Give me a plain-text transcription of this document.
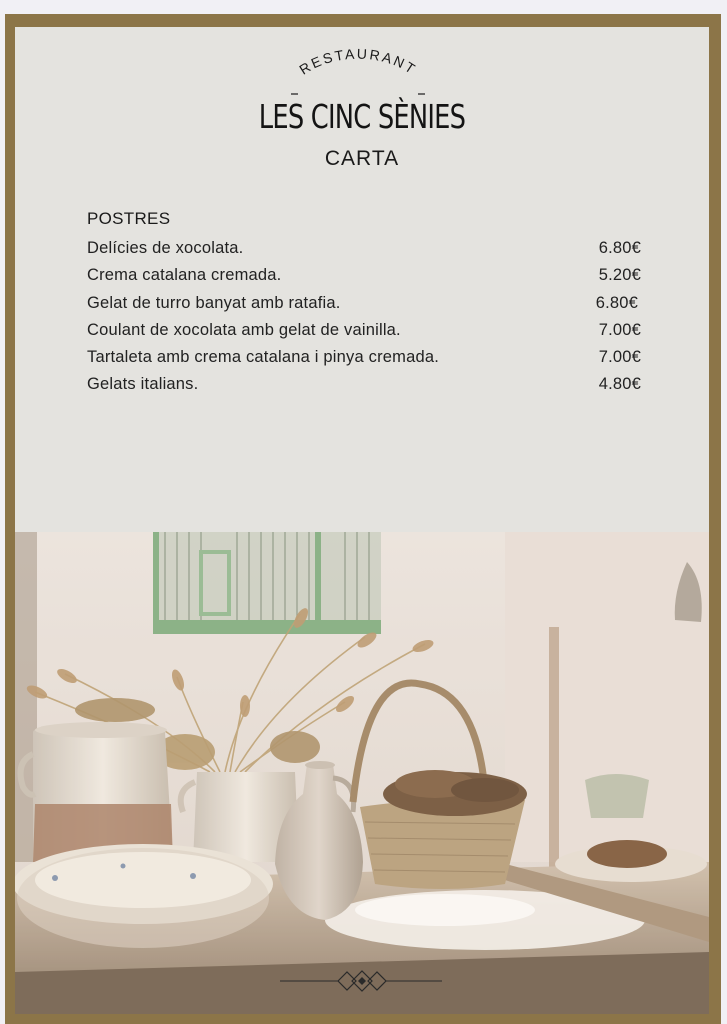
RESTAURANT
LES CINC SÈNIES
CARTA
POSTRES
Delícies de xocolata.	6.80€
Crema catalana cremada.	5.20€
Gelat de turro banyat amb ratafia.	6.80€
Coulant de xocolata amb gelat de vainilla.	7.00€
Tartaleta amb crema catalana i pinya cremada.	7.00€
Gelats italians.	4.80€
